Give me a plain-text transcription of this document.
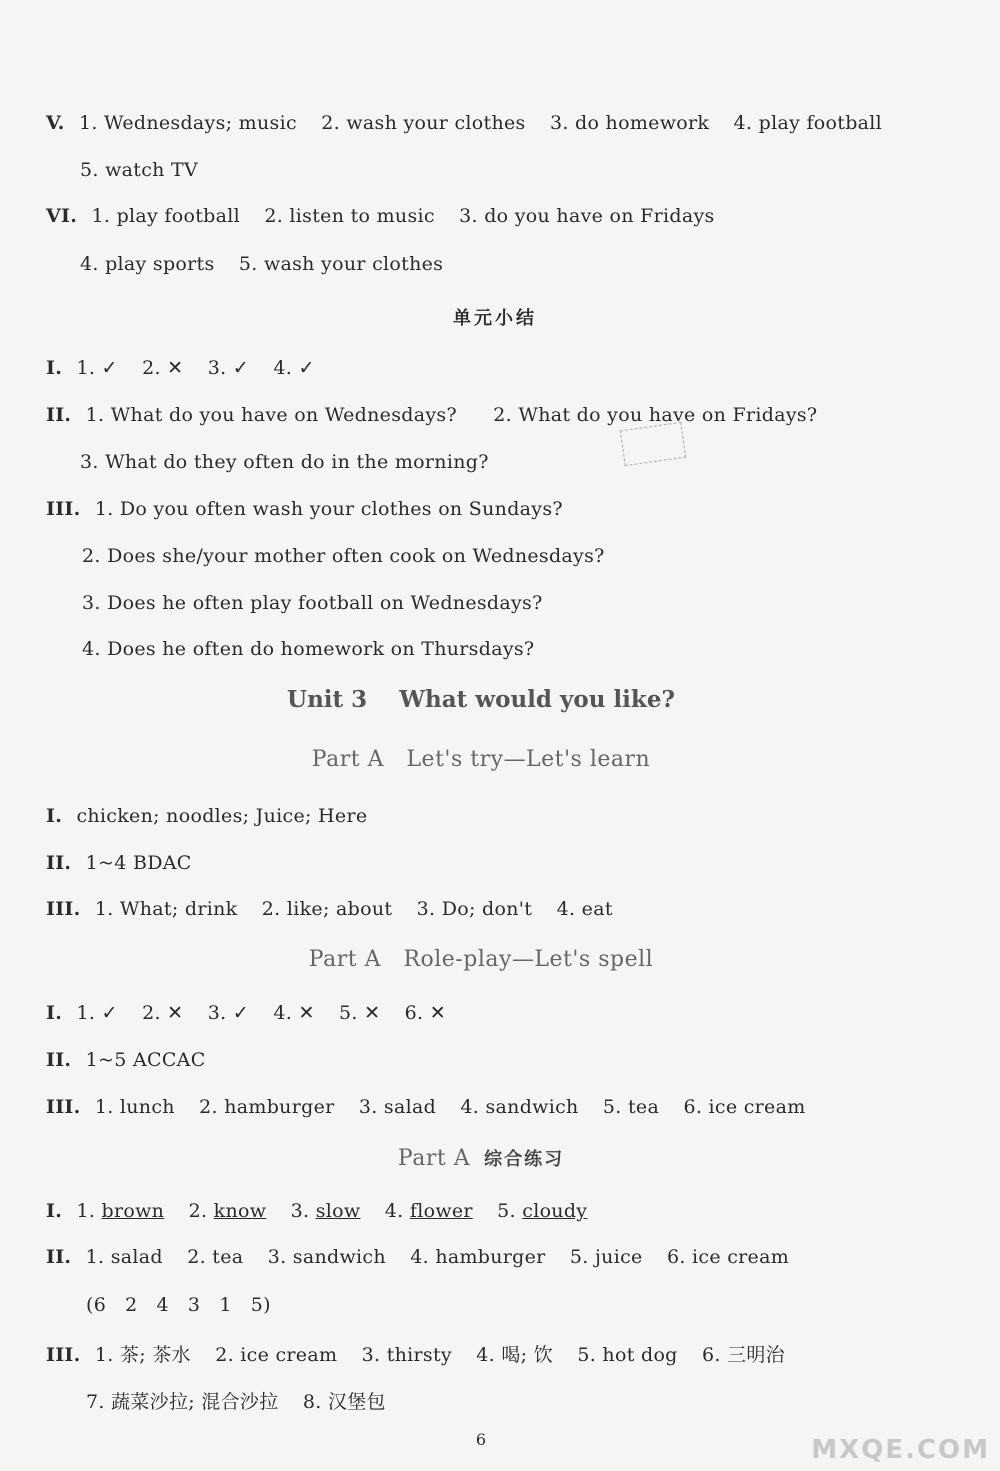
V. 1. Wednesdays; music 2. wash your clothes 3. do homework 4. play football
5. watch TV
VI. 1. play football 2. listen to music 3. do you have on Fridays
4. play sports 5. wash your clothes
单元小结
I. 1. ✓ 2. ✕ 3. ✓ 4. ✓
II. 1. What do you have on Wednesdays? 2. What do you have on Fridays?
3. What do they often do in the morning?
III. 1. Do you often wash your clothes on Sundays?
2. Does she/your mother often cook on Wednesdays?
3. Does he often play football on Wednesdays?
4. Does he often do homework on Thursdays?
Unit 3    What would you like?
Part A   Let's try—Let's learn
I. chicken; noodles; Juice; Here
II. 1~4 BDAC
III. 1. What; drink 2. like; about 3. Do; don't 4. eat
Part A   Role-play—Let's spell
I. 1. ✓ 2. ✕ 3. ✓ 4. ✕ 5. ✕ 6. ✕
II. 1~5 ACCAC
III. 1. lunch 2. hamburger 3. salad 4. sandwich 5. tea 6. ice cream
Part A 综合练习
I. 1. brown 2. know 3. slow 4. flower 5. cloudy
II. 1. salad 2. tea 3. sandwich 4. hamburger 5. juice 6. ice cream
(6   2   4   3   1   5)
III. 1. 茶; 茶水 2. ice cream 3. thirsty 4. 喝; 饮 5. hot dog 6. 三明治
7. 蔬菜沙拉; 混合沙拉 8. 汉堡包
6	MXQE.COM
